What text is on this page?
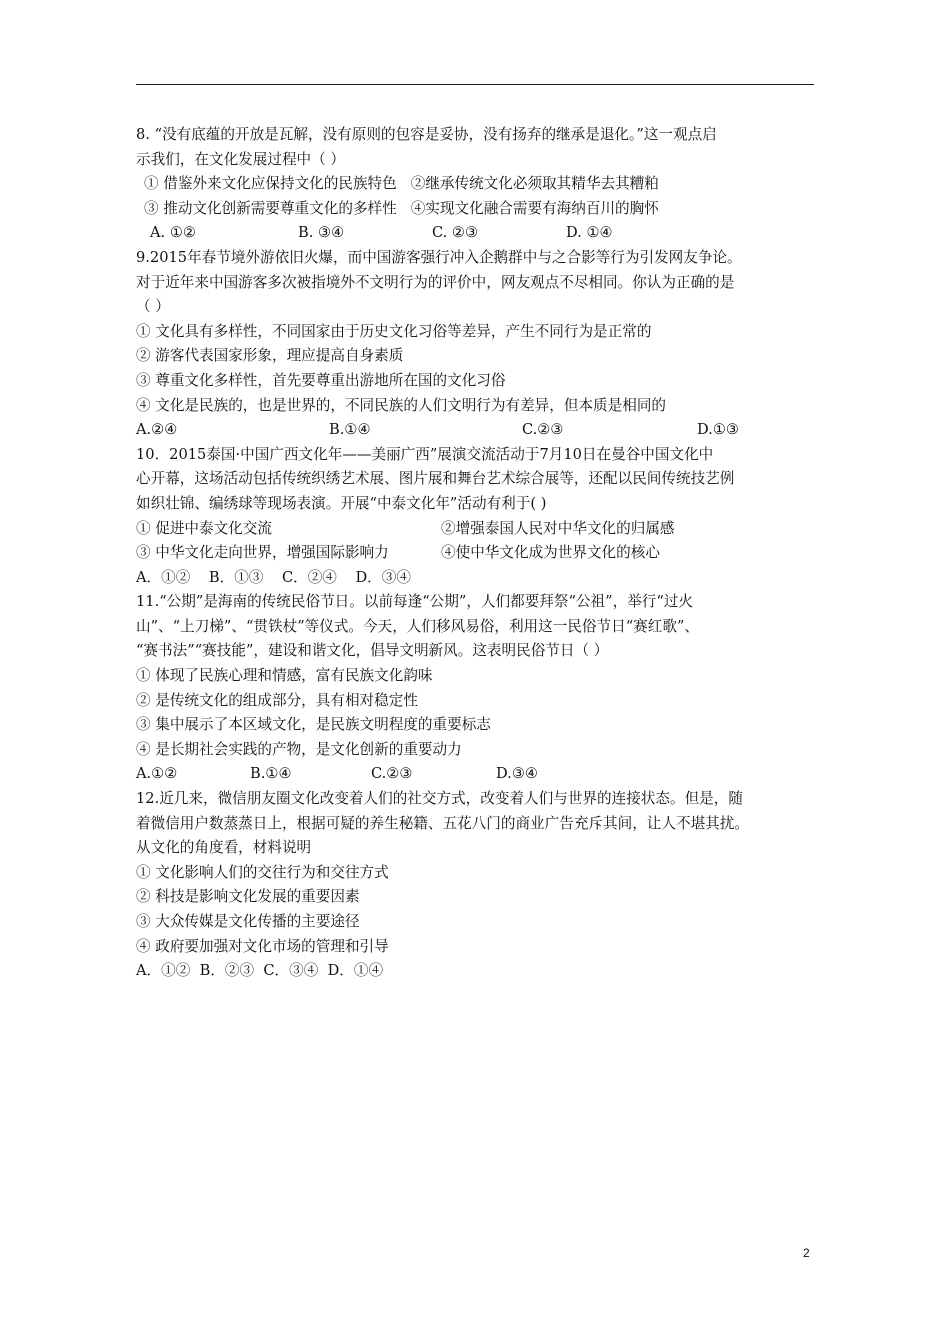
8. “没有底蕴的开放是瓦解，没有原则的包容是妥协，没有扬弃的继承是退化。”这一观点启
示我们，在文化发展过程中（ ）
① 借鉴外来文化应保持文化的民族特色 ②继承传统文化必须取其精华去其糟粕
③ 推动文化创新需要尊重文化的多样性 ④实现文化融合需要有海纳百川的胸怀
A. ①②	B. ③④	C. ②③	D. ①④
9.2015年春节境外游依旧火爆，而中国游客强行冲入企鹅群中与之合影等行为引发网友争论。
对于近年来中国游客多次被指境外不文明行为的评价中，网友观点不尽相同。你认为正确的是
（ ）
① 文化具有多样性，不同国家由于历史文化习俗等差异，产生不同行为是正常的
② 游客代表国家形象，理应提高自身素质
③ 尊重文化多样性，首先要尊重出游地所在国的文化习俗
④ 文化是民族的，也是世界的，不同民族的人们文明行为有差异，但本质是相同的
A.②④	B.①④	C.②③	D.①③
10．2015泰国·中国广西文化年——美丽广西”展演交流活动于7月10日在曼谷中国文化中
心开幕，这场活动包括传统织绣艺术展、图片展和舞台艺术综合展等，还配以民间传统技艺例
如织壮锦、编绣球等现场表演。开展“中泰文化年”活动有利于( )
① 促进中泰文化交流	②增强泰国人民对中华文化的归属感
③ 中华文化走向世界，增强国际影响力	④使中华文化成为世界文化的核心
A．①②    B．①③    C．②④    D．③④
11.“公期”是海南的传统民俗节日。以前每逢“公期”，人们都要拜祭“公祖”，举行“过火
山”、“上刀梯”、“贯铁杖”等仪式。今天，人们移风易俗，利用这一民俗节日“赛红歌”、
“赛书法”“赛技能”，建设和谐文化，倡导文明新风。这表明民俗节日（ ）
① 体现了民族心理和情感，富有民族文化韵味
② 是传统文化的组成部分，具有相对稳定性
③ 集中展示了本区域文化，是民族文明程度的重要标志
④ 是长期社会实践的产物，是文化创新的重要动力
A.①②	B.①④	C.②③	D.③④
12.近几来，微信朋友圈文化改变着人们的社交方式，改变着人们与世界的连接状态。但是，随
着微信用户数蒸蒸日上，根据可疑的养生秘籍、五花八门的商业广告充斥其间，让人不堪其扰。
从文化的角度看，材料说明
① 文化影响人们的交往行为和交往方式
② 科技是影响文化发展的重要因素
③ 大众传媒是文化传播的主要途径
④ 政府要加强对文化市场的管理和引导
A．①②  B．②③  C．③④  D．①④
2
